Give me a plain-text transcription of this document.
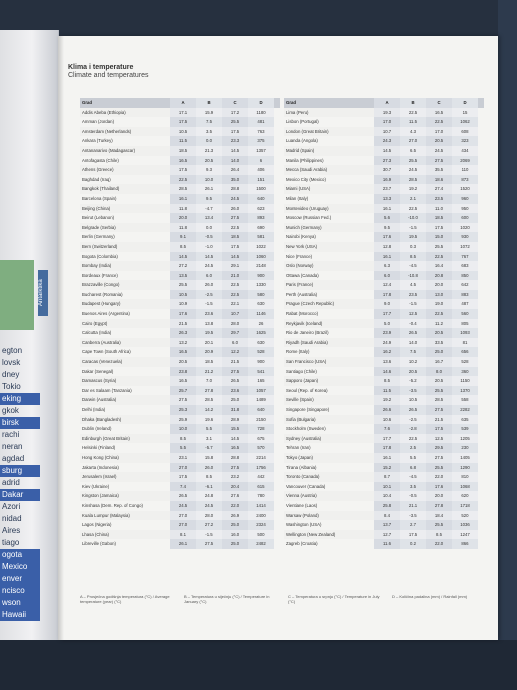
Antarktika
egton
lovsk
dney
Tokio
eking
gkok
birsk
rachi
neran
agdad
sburg
adrid
Dakar
Azori
nidad
Aires
tiago
ogota
Mexico
enver
ncisco
wson
Hawaii
Klima i temperature
Climate and temperatures
Grad	A	B	C	D
Addis Abeba (Ethiopia)	17.1	15.9	17.2	1180
Amman (Jordan)	17.5	7.5	25.5	481
Amsterdam (Netherlands)	10.5	3.5	17.5	763
Ankara (Turkey)	11.5	0.0	23.3	375
Antananarivo (Madagascar)	18.5	21.3	14.5	1357
Antofagasta (Chile)	16.5	20.5	14.0	6
Athens (Greece)	17.5	9.3	26.4	406
Baghdad (Iraq)	22.5	10.0	35.0	151
Bangkok (Thailand)	28.5	26.1	28.8	1500
Barcelona (Spain)	16.1	9.5	24.5	640
Beijing (China)	11.8	-4.7	26.0	623
Beirut (Lebanon)	20.0	13.4	27.5	893
Belgrade (Serbia)	11.8	0.0	22.5	690
Berlin (Germany)	9.1	-0.5	18.5	581
Bern (Switzerland)	8.5	-1.0	17.5	1022
Bogota (Colombia)	14.5	14.5	14.5	1060
Bombay (India)	27.2	24.5	29.1	2148
Bordeaux (France)	13.5	6.0	21.0	900
Brazzaville (Congo)	25.5	26.0	22.5	1330
Bucharest (Romania)	10.5	-2.5	22.5	580
Budapest (Hungary)	10.9	-1.5	22.1	630
Buenos Aires (Argentina)	17.6	23.6	10.7	1146
Cairo (Egypt)	21.5	13.8	28.0	26
Calcutta (India)	26.3	19.5	29.7	1625
Canberra (Australia)	13.2	20.1	6.0	630
Cape Town (South Africa)	16.5	20.9	12.2	528
Caracas (Venezuela)	20.5	18.5	21.5	900
Dakar (Senegal)	23.8	21.2	27.5	541
Damascus (Syria)	16.5	7.0	26.5	165
Dar es Salaam (Tanzania)	25.7	27.8	23.6	1057
Darwin (Australia)	27.5	28.5	25.0	1489
Delhi (India)	25.3	14.2	31.8	640
Dhaka (Bangladesh)	25.9	19.6	28.9	2150
Dublin (Ireland)	10.0	5.5	15.5	728
Edinburgh (Great Britain)	8.5	3.1	14.5	675
Helsinki (Finland)	5.5	-5.7	16.5	570
Hong Kong (China)	23.1	15.8	28.8	2214
Jakarta (Indonesia)	27.0	26.0	27.5	1756
Jerusalem (Israel)	17.5	8.5	23.2	442
Kiev (Ukraine)	7.4	-6.1	20.4	615
Kingston (Jamaica)	26.5	24.8	27.6	780
Kinshasa (Dem. Rep. of Congo)	24.5	24.5	22.0	1414
Kuala Lumpur (Malaysia)	27.0	28.0	26.9	2400
Lagos (Nigeria)	27.0	27.2	25.0	2324
Lhasa (China)	8.1	-1.5	16.0	500
Libreville (Gabon)	26.1	27.5	25.0	2482
Grad	A	B	C	D
Lima (Peru)	19.3	22.5	16.5	15
Lisbon (Portugal)	17.0	11.5	22.5	1062
London (Great Britain)	10.7	4.3	17.0	608
Luanda (Angola)	24.3	27.0	20.5	323
Madrid (Spain)	14.5	6.5	24.5	434
Manila (Philippines)	27.3	25.5	27.5	2069
Mecca (Saudi Arabia)	30.7	24.5	35.5	110
Mexico City (Mexico)	16.9	28.5	18.6	873
Miami (USA)	23.7	19.2	27.4	1520
Milan (Italy)	13.3	2.1	23.5	960
Montevideo (Uruguay)	16.1	22.5	11.0	950
Moscow (Russian Fed.)	5.6	-10.0	18.5	600
Munich (Germany)	9.5	-1.5	17.5	1020
Nairobi (Kenya)	17.6	19.5	15.0	930
New York (USA)	12.8	0.3	25.5	1072
Nice (France)	16.1	8.5	22.5	767
Oslo (Norway)	6.3	-4.5	16.4	683
Ottawa (Canada)	6.0	-10.8	20.8	850
Paris (France)	12.4	4.5	20.0	642
Perth (Australia)	17.8	23.5	13.0	883
Prague (Czech Republic)	9.0	-1.5	19.0	487
Rabat (Morocco)	17.7	12.5	22.5	560
Reykjavik (Iceland)	5.0	-0.4	11.2	805
Rio de Janeiro (Brazil)	23.9	26.5	20.5	1093
Riyadh (Saudi Arabia)	24.9	14.0	33.5	81
Rome (Italy)	16.2	7.5	25.0	656
San Francisco (USA)	13.6	10.2	16.7	528
Santiago (Chile)	14.6	20.5	8.0	360
Sapporo (Japan)	8.5	-5.2	20.5	1150
Seoul (Rep. of Korea)	11.5	-3.5	25.5	1370
Seville (Spain)	19.2	10.5	28.5	558
Singapore (Singapore)	26.6	26.5	27.5	2282
Sofia (Bulgaria)	10.6	-2.5	21.5	635
Stockholm (Sweden)	7.6	-2.8	17.5	539
Sydney (Australia)	17.7	22.5	12.5	1205
Tehran (Iran)	17.8	2.5	29.5	230
Tokyo (Japan)	16.1	5.5	27.5	1405
Tirana (Albania)	15.2	6.8	25.5	1290
Toronto (Canada)	8.7	-4.5	22.0	810
Vancouver (Canada)	10.1	3.5	17.6	1068
Vienna (Austria)	10.4	-0.5	20.0	620
Vientiane (Laos)	25.8	21.1	27.8	1718
Warsaw (Poland)	8.4	-3.5	18.4	520
Washington (USA)	13.7	2.7	25.5	1036
Wellington (New Zealand)	12.7	17.5	8.5	1247
Zagreb (Croatia)	11.6	0.2	22.0	866
A – Prosječna godišnja temperatura (°C) / Average temperature (year) (°C)
B – Temperatura u siječnju (°C) / Temperature in January (°C)
C – Temperatura u srpnju (°C) / Temperature in July (°C)
D – Količina padalina (mm) / Rainfall (mm)
